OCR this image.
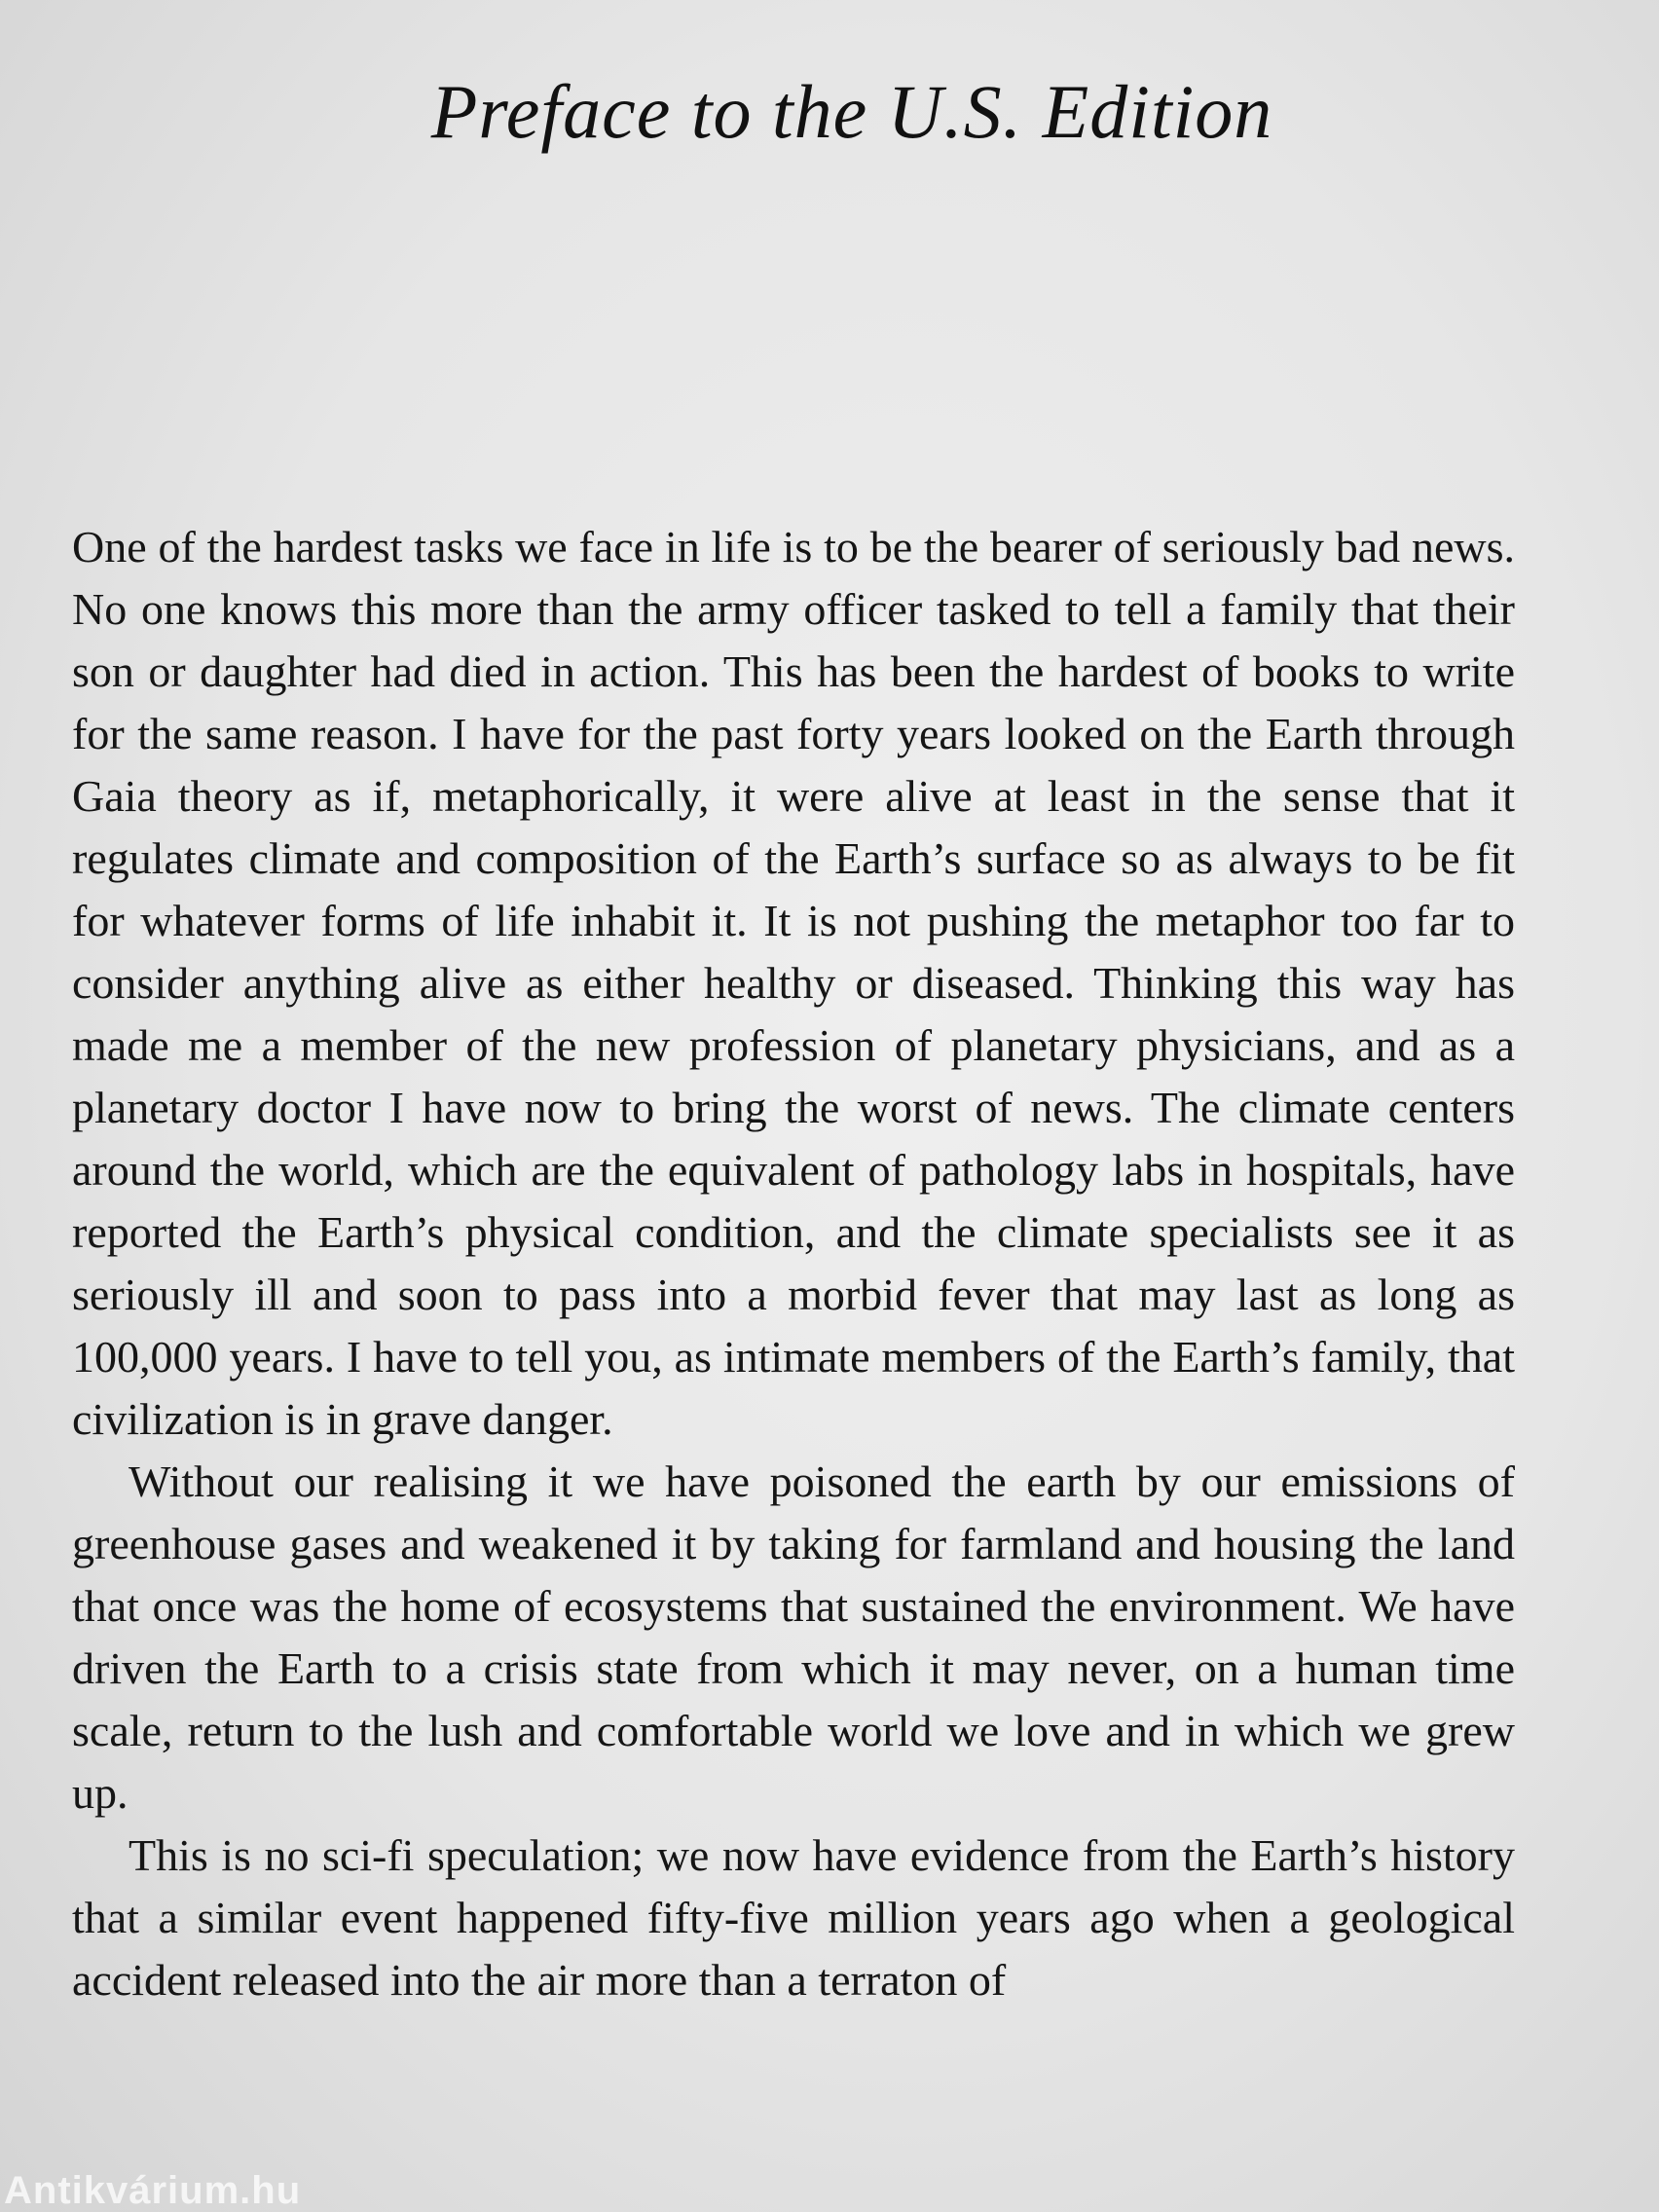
Preface to the U.S. Edition

One of the hardest tasks we face in life is to be the bearer of seriously bad news. No one knows this more than the army officer tasked to tell a family that their son or daughter had died in action. This has been the hardest of books to write for the same reason. I have for the past forty years looked on the Earth through Gaia theory as if, metaphorically, it were alive at least in the sense that it regulates climate and composition of the Earth’s surface so as always to be fit for whatever forms of life inhabit it. It is not pushing the metaphor too far to consider anything alive as either healthy or diseased. Thinking this way has made me a member of the new profession of planetary physicians, and as a planetary doctor I have now to bring the worst of news. The climate centers around the world, which are the equivalent of pathology labs in hospitals, have reported the Earth’s physical condition, and the climate specialists see it as seriously ill and soon to pass into a morbid fever that may last as long as 100,000 years. I have to tell you, as intimate members of the Earth’s family, that civilization is in grave danger.

Without our realising it we have poisoned the earth by our emissions of greenhouse gases and weakened it by taking for farmland and housing the land that once was the home of ecosystems that sustained the environment. We have driven the Earth to a crisis state from which it may never, on a human time scale, return to the lush and comfortable world we love and in which we grew up.

This is no sci-fi speculation; we now have evidence from the Earth’s history that a similar event happened fifty-five million years ago when a geological accident released into the air more than a terraton of

Antikvárium.hu
